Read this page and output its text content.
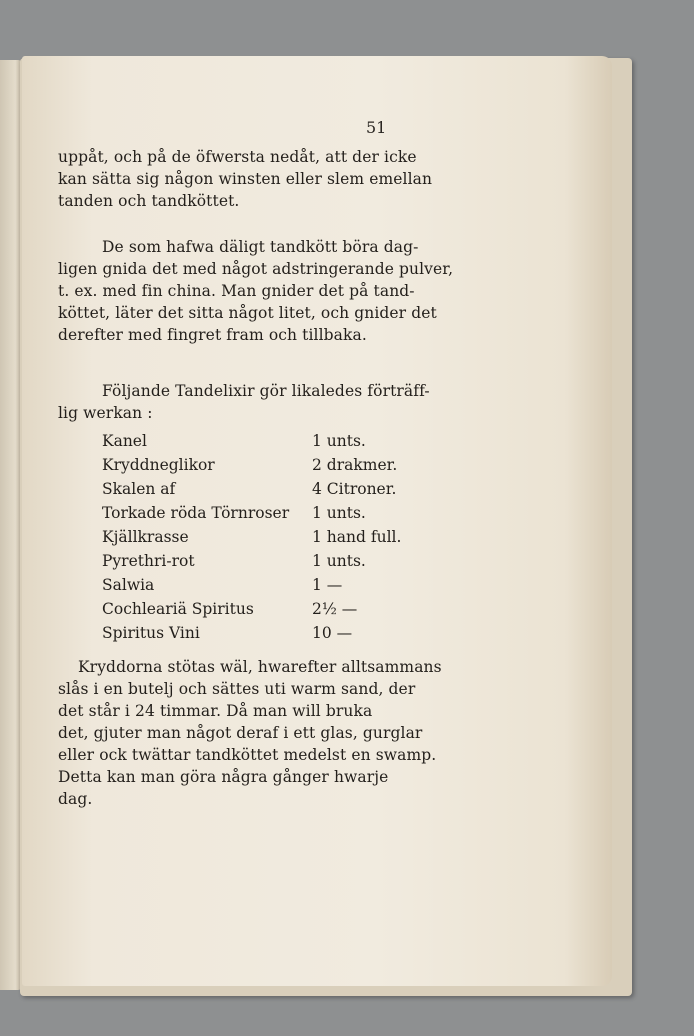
51
uppåt, och på de öfwersta nedåt, att der icke
kan sätta sig någon winsten eller slem emellan
tanden och tandköttet.
De som hafwa däligt tandkött böra dag-
ligen gnida det med något adstringerande pulver,
t. ex. med fin china. Man gnider det på tand-
köttet, läter det sitta något litet, och gnider det
derefter med fingret fram och tillbaka.
Följande Tandelixir gör likaledes förträff-
lig werkan :
Kanel	1 unts.
Kryddneglikor	2 drakmer.
Skalen af	4 Citroner.
Torkade röda Törnroser 1 unts.
Kjällkrasse	1 hand full.
Pyrethri-rot	1 unts.
Salwia	1 —
Cochleariä Spiritus	2½ —
Spiritus Vini	10 —
Kryddorna stötas wäl, hwarefter alltsammans
slås i en butelj och sättes uti warm sand, der
det står i 24 timmar. Då man will bruka
det, gjuter man något deraf i ett glas, gurglar
eller ock twättar tandköttet medelst en swamp.
Detta kan man göra några gånger hwarje
dag.
